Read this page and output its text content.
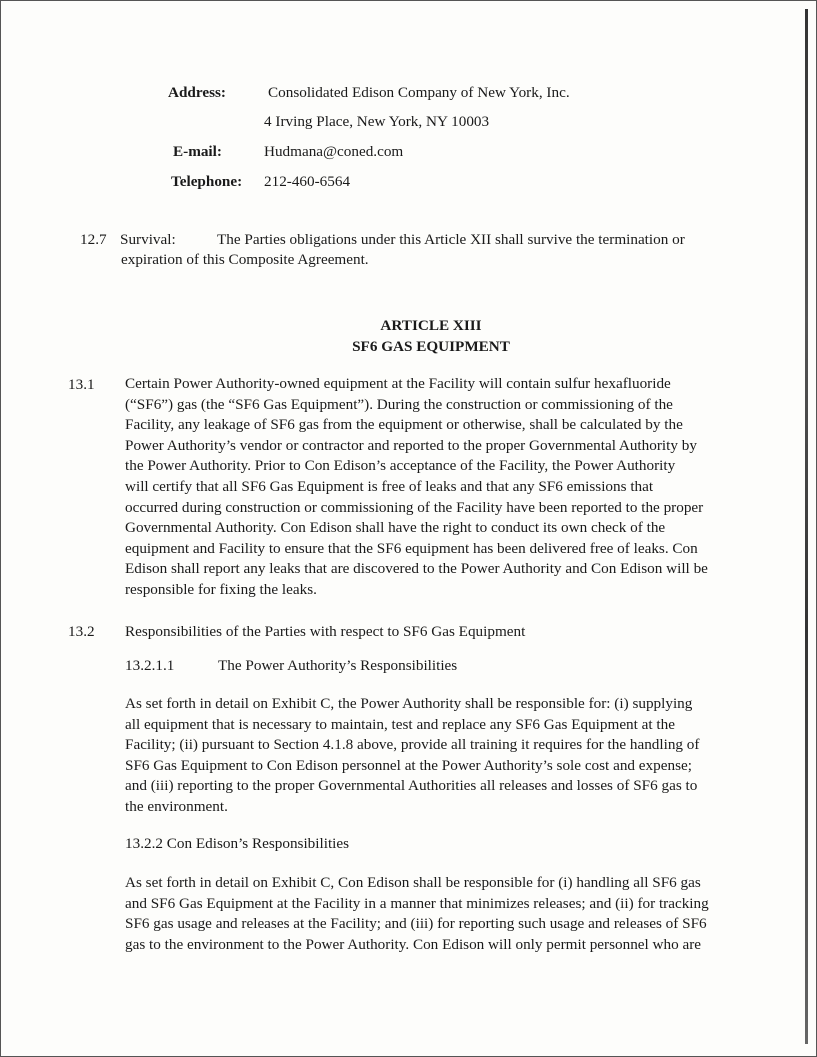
Address:	Consolidated Edison Company of New York, Inc.
4 Irving Place, New York, NY 10003
E-mail:	Hudmana@coned.com
Telephone: 212-460-6564
12.7 Survival:	The Parties obligations under this Article XII shall survive the termination or
expiration of this Composite Agreement.
ARTICLE XIII
SF6 GAS EQUIPMENT
13.1 Certain Power Authority-owned equipment at the Facility will contain sulfur hexafluoride
(“SF6”) gas (the “SF6 Gas Equipment”). During the construction or commissioning of the
Facility, any leakage of SF6 gas from the equipment or otherwise, shall be calculated by the
Power Authority’s vendor or contractor and reported to the proper Governmental Authority by
the Power Authority. Prior to Con Edison’s acceptance of the Facility, the Power Authority
will certify that all SF6 Gas Equipment is free of leaks and that any SF6 emissions that
occurred during construction or commissioning of the Facility have been reported to the proper
Governmental Authority. Con Edison shall have the right to conduct its own check of the
equipment and Facility to ensure that the SF6 equipment has been delivered free of leaks. Con
Edison shall report any leaks that are discovered to the Power Authority and Con Edison will be
responsible for fixing the leaks.
13.2 Responsibilities of the Parties with respect to SF6 Gas Equipment
13.2.1.1	The Power Authority’s Responsibilities
As set forth in detail on Exhibit C, the Power Authority shall be responsible for: (i) supplying
all equipment that is necessary to maintain, test and replace any SF6 Gas Equipment at the
Facility; (ii) pursuant to Section 4.1.8 above, provide all training it requires for the handling of
SF6 Gas Equipment to Con Edison personnel at the Power Authority’s sole cost and expense;
and (iii) reporting to the proper Governmental Authorities all releases and losses of SF6 gas to
the environment.
13.2.2 Con Edison’s Responsibilities
As set forth in detail on Exhibit C, Con Edison shall be responsible for (i) handling all SF6 gas
and SF6 Gas Equipment at the Facility in a manner that minimizes releases; and (ii) for tracking
SF6 gas usage and releases at the Facility; and (iii) for reporting such usage and releases of SF6
gas to the environment to the Power Authority. Con Edison will only permit personnel who are
